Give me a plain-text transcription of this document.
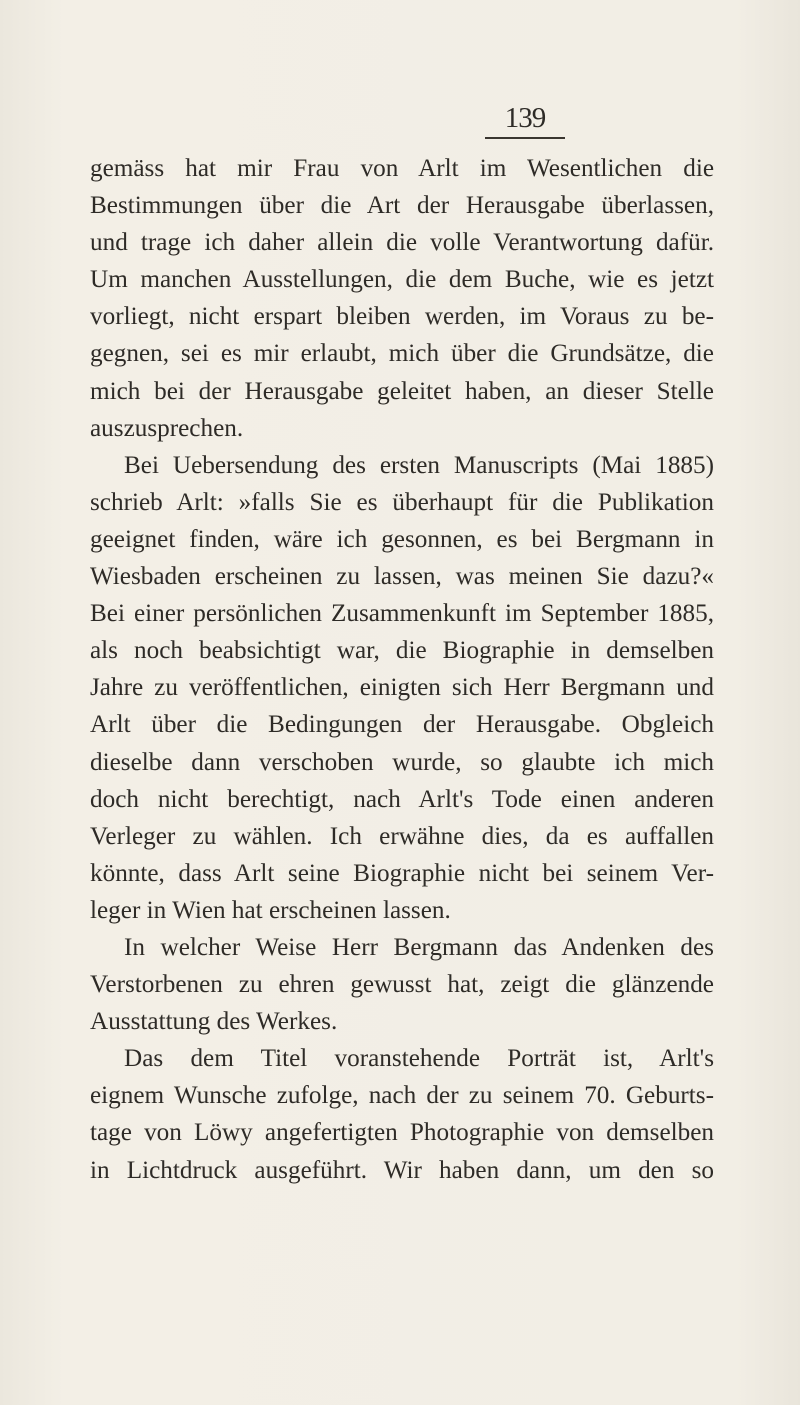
139
gemäss hat mir Frau von Arlt im Wesentlichen die
Bestimmungen über die Art der Herausgabe überlassen,
und trage ich daher allein die volle Verantwortung dafür.
Um manchen Ausstellungen, die dem Buche, wie es jetzt
vorliegt, nicht erspart bleiben werden, im Voraus zu be-
gegnen, sei es mir erlaubt, mich über die Grundsätze, die
mich bei der Herausgabe geleitet haben, an dieser Stelle
auszusprechen.
Bei Uebersendung des ersten Manuscripts (Mai 1885)
schrieb Arlt: »falls Sie es überhaupt für die Publikation
geeignet finden, wäre ich gesonnen, es bei Bergmann in
Wiesbaden erscheinen zu lassen, was meinen Sie dazu?«
Bei einer persönlichen Zusammenkunft im September 1885,
als noch beabsichtigt war, die Biographie in demselben
Jahre zu veröffentlichen, einigten sich Herr Bergmann und
Arlt über die Bedingungen der Herausgabe. Obgleich
dieselbe dann verschoben wurde, so glaubte ich mich
doch nicht berechtigt, nach Arlt's Tode einen anderen
Verleger zu wählen. Ich erwähne dies, da es auffallen
könnte, dass Arlt seine Biographie nicht bei seinem Ver-
leger in Wien hat erscheinen lassen.
In welcher Weise Herr Bergmann das Andenken des
Verstorbenen zu ehren gewusst hat, zeigt die glänzende
Ausstattung des Werkes.
Das dem Titel voranstehende Porträt ist, Arlt's
eignem Wunsche zufolge, nach der zu seinem 70. Geburts-
tage von Löwy angefertigten Photographie von demselben
in Lichtdruck ausgeführt. Wir haben dann, um den so
